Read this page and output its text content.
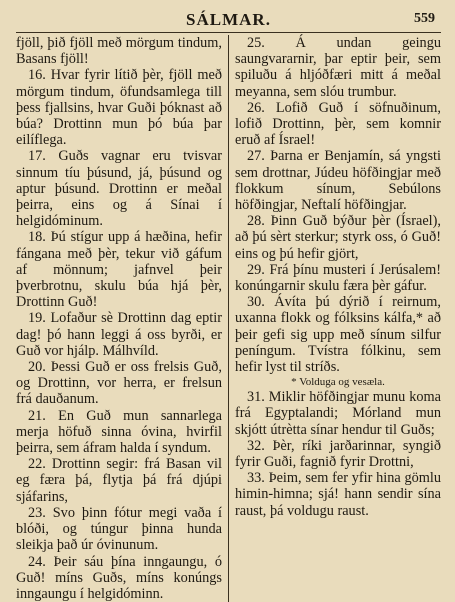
SÁLMAR.	559

fjöll, þið fjöll með mörgum tindum, Basans fjöll!

16. Hvar fyrir lítið þèr, fjöll með mörgum tindum, öfundsamlega till þess fjallsins, hvar Guði þóknast að búa? Drottinn mun þó búa þar eilíflega.

17. Guðs vagnar eru tvisvar sinnum tíu þúsund, já, þúsund og aptur þúsund. Drottinn er meðal þeirra, eins og á Sínai í helgidóminum.

18. Þú stígur upp á hæðina, hefir fángana með þèr, tekur við gáfum af mönnum; jafnvel þeir þverbrotnu, skulu búa hjá þèr, Drottinn Guð!

19. Lofaður sè Drottinn dag eptir dag! þó hann leggi á oss byrði, er Guð vor hjálp. Málhvíld.

20. Þessi Guð er oss frelsis Guð, og Drottinn, vor herra, er frelsun frá dauðanum.

21. En Guð mun sannarlega merja höfuð sinna óvina, hvirfil þeirra, sem áfram halda í syndum.

22. Drottinn segir: frá Basan vil eg færa þá, flytja þá frá djúpi sjáfarins,

23. Svo þinn fótur megi vaða í blóði, og túngur þinna hunda sleikja það úr óvinunum.

24. Þeir sáu þína inngaungu, ó Guð! míns Guðs, míns konúngs inngaungu í helgidóminn.

25. Á undan geingu saungvararnir, þar eptir þeir, sem spiluðu á hljóðfæri mitt á meðal meyanna, sem slóu trumbur.

26. Lofið Guð í söfnuðinum, lofið Drottinn, þèr, sem komnir eruð af Ísrael!

27. Þarna er Benjamín, sá yngsti sem drottnar, Júdeu höfðingjar með flokkum sínum, Sebúlons höfðingjar, Neftalí höfðingjar.

28. Þinn Guð býður þèr (Ísrael), að þú sèrt sterkur; styrk oss, ó Guð! eins og þú hefir gjört,

29. Frá þínu musteri í Jerúsalem! konúngarnir skulu færa þèr gáfur.

30. Ávíta þú dýrið í reirnum, uxanna flokk og fólksins kálfa,* að þeir gefi sig upp með sínum silfur peníngum. Tvístra fólkinu, sem hefir lyst til stríðs.

* Volduga og vesæla.

31. Miklir höfðingjar munu koma frá Egyptalandi; Mórland mun skjótt útrètta sínar hendur til Guðs;

32. Þèr, ríki jarðarinnar, syngið fyrir Guði, fagnið fyrir Drottni,

33. Þeim, sem fer yfir hina gömlu himin-himna; sjá! hann sendir sína raust, þá voldugu raust.
